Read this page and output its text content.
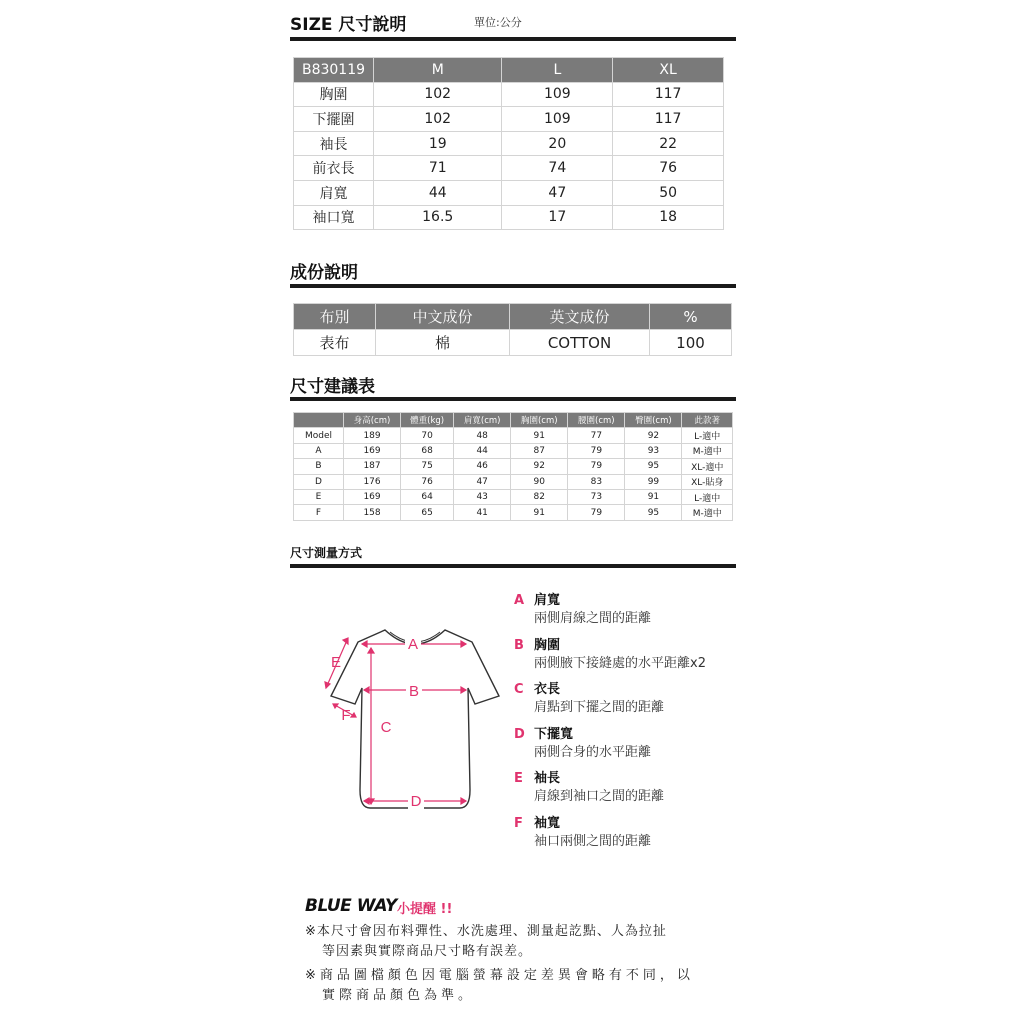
SIZE 尺寸說明	單位:公分
B830119	M	L	XL
胸圍	102	109	117
下擺圍	102	109	117
袖長	19	20	22
前衣長	71	74	76
肩寬	44	47	50
袖口寬	16.5	17	18
成份說明
布別	中文成份	英文成份	%
表布	棉	COTTON	100
尺寸建議表
	身高(cm)	體重(kg)	肩寬(cm)	胸圍(cm)	腰圍(cm)	臀圍(cm)	此款著
Model	189	70	48	91	77	92	L-適中
A	169	68	44	87	79	93	M-適中
B	187	75	46	92	79	95	XL-適中
D	176	76	47	90	83	99	XL-貼身
E	169	64	43	82	73	91	L-適中
F	158	65	41	91	79	95	M-適中
尺寸測量方式
A
B
C
D
E
F
A 肩寬
兩側肩線之間的距離
B 胸圍
兩側腋下接縫處的水平距離x2
C 衣長
肩點到下擺之間的距離
D 下擺寬
兩側合身的水平距離
E 袖長
肩線到袖口之間的距離
F 袖寬
袖口兩側之間的距離
BLUE WAY 小提醒 !!
※本尺寸會因布料彈性、水洗處理、測量起訖點、人為拉扯
等因素與實際商品尺寸略有誤差。
※商品圖檔顏色因電腦螢幕設定差異會略有不同，以
實際商品顏色為準。
